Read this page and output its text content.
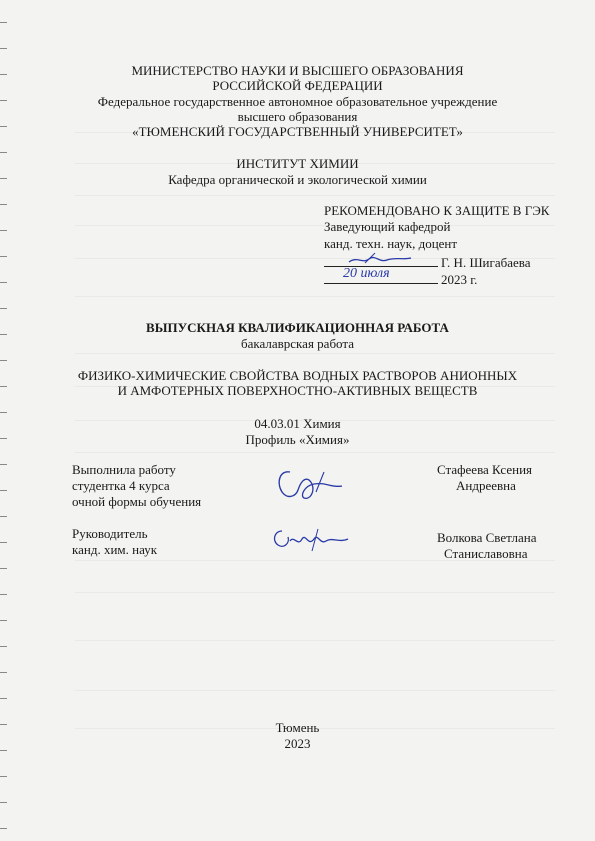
МИНИСТЕРСТВО НАУКИ И ВЫСШЕГО ОБРАЗОВАНИЯ
РОССИЙСКОЙ ФЕДЕРАЦИИ
Федеральное государственное автономное образовательное учреждение
высшего образования
«ТЮМЕНСКИЙ ГОСУДАРСТВЕННЫЙ УНИВЕРСИТЕТ»
ИНСТИТУТ ХИМИИ
Кафедра органической и экологической химии
РЕКОМЕНДОВАНО К ЗАЩИТЕ В ГЭК
Заведующий кафедрой
канд. техн. наук, доцент
Г. Н. Шигабаева
20 июля	2023 г.
ВЫПУСКНАЯ КВАЛИФИКАЦИОННАЯ РАБОТА
бакалаврская работа
ФИЗИКО-ХИМИЧЕСКИЕ СВОЙСТВА ВОДНЫХ РАСТВОРОВ АНИОННЫХ
И АМФОТЕРНЫХ ПОВЕРХНОСТНО-АКТИВНЫХ ВЕЩЕСТВ
04.03.01 Химия
Профиль «Химия»
Выполнила работу
студентка 4 курса
очной формы обучения
Стафеева Ксения
Андреевна
Руководитель
канд. хим. наук
Волкова Светлана
Станиславовна
Тюмень
2023
